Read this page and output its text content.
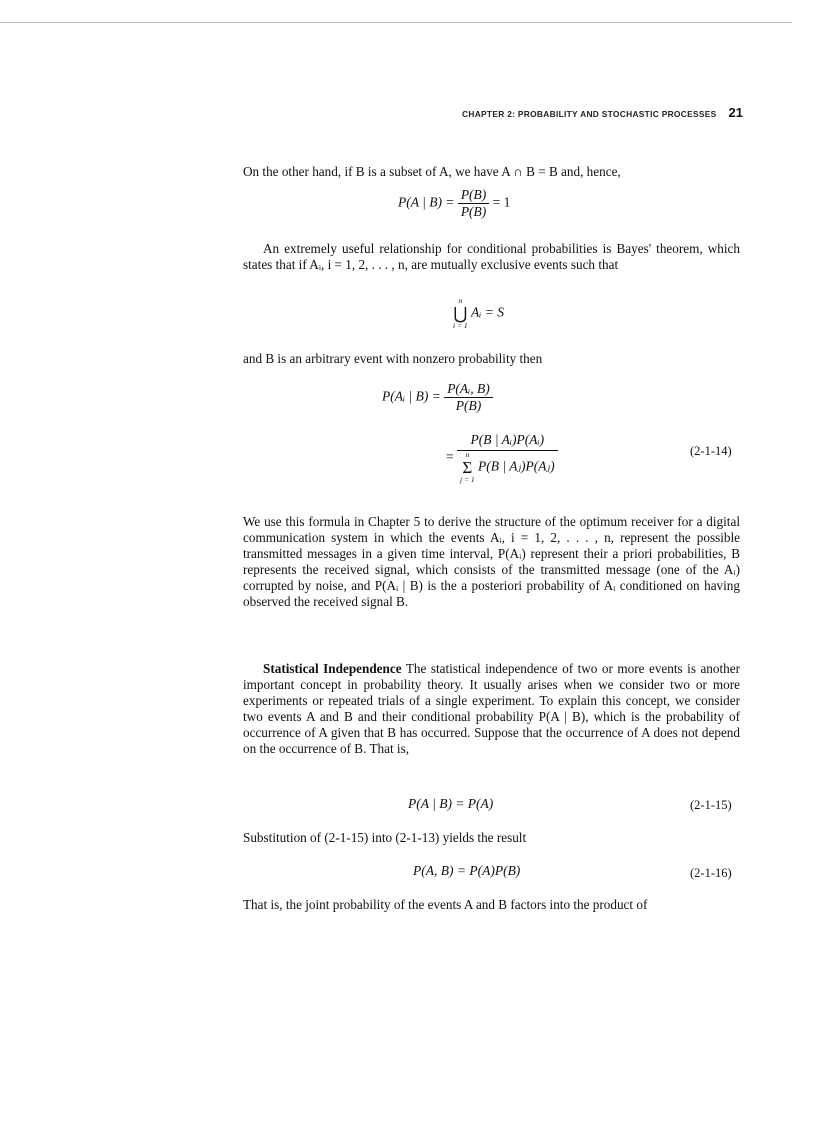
CHAPTER 2: PROBABILITY AND STOCHASTIC PROCESSES 21
On the other hand, if B is a subset of A, we have A ∩ B = B and, hence,
P(A | $B) = \frac{P(B)}{P(B)} = 1$
An extremely useful relationship for conditional probabilities is Bayes' theorem, which states that if Aᵢ, i = 1, 2, . . . , n, are mutually exclusive events such that
n
⋃
i = 1
Aᵢ = S
and B is an arbitrary event with nonzero probability then
P(Aᵢ | $B) = \frac{\text{P(Aᵢ, B)}}{P(B)}$
=
P(B | Aᵢ)P(Aᵢ)
n
Σ
j = 1
P(B | Aⱼ)P(Aⱼ)
(2-1-14)
We use this formula in Chapter 5 to derive the structure of the optimum receiver for a digital communication system in which the events Aᵢ, i = 1, 2, . . . , n, represent the possible transmitted messages in a given time interval, P(Aᵢ) represent their a priori probabilities, B represents the received signal, which consists of the transmitted message (one of the Aᵢ) corrupted by noise, and P(Aᵢ | B) is the a posteriori probability of Aᵢ conditioned on having observed the received signal B.
Statistical Independence The statistical independence of two or more events is another important concept in probability theory. It usually arises when we consider two or more experiments or repeated trials of a single experiment. To explain this concept, we consider two events A and B and their conditional probability P(A | B), which is the probability of occurrence of A given that B has occurred. Suppose that the occurrence of A does not depend on the occurrence of B. That is,
P(A | B) = P(A)	(2-1-15)
Substitution of (2-1-15) into (2-1-13) yields the result
P(A, B) = P(A)P(B)	(2-1-16)
That is, the joint probability of the events A and B factors into the product of
